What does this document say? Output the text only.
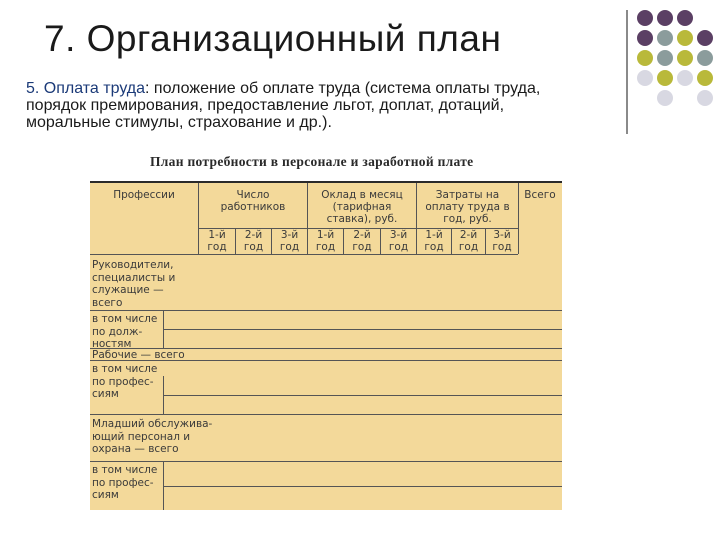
7. Организационный план
5. Оплата труда: положение об оплате труда (система оплаты труда, порядок премирования, предоставление льгот, доплат, дотаций, моральные стимулы, страхование и др.).
План потребности в персонале и заработной плате
Профессии	Число работников
Оклад в месяц (тарифная ставка), руб.
Затраты на оплату труда в год, руб.
Всего
1-й год
2-й год
3-й год
1-й год
2-й год
3-й год
1-й год
2-й год
3-й год
Руководители, специалисты и служащие — всего
в том числе по долж-ностям
Рабочие — всего
в том числе по профес-сиям
Младший обслужива-ющий персонал и охрана — всего
в том числе по профес-сиям
